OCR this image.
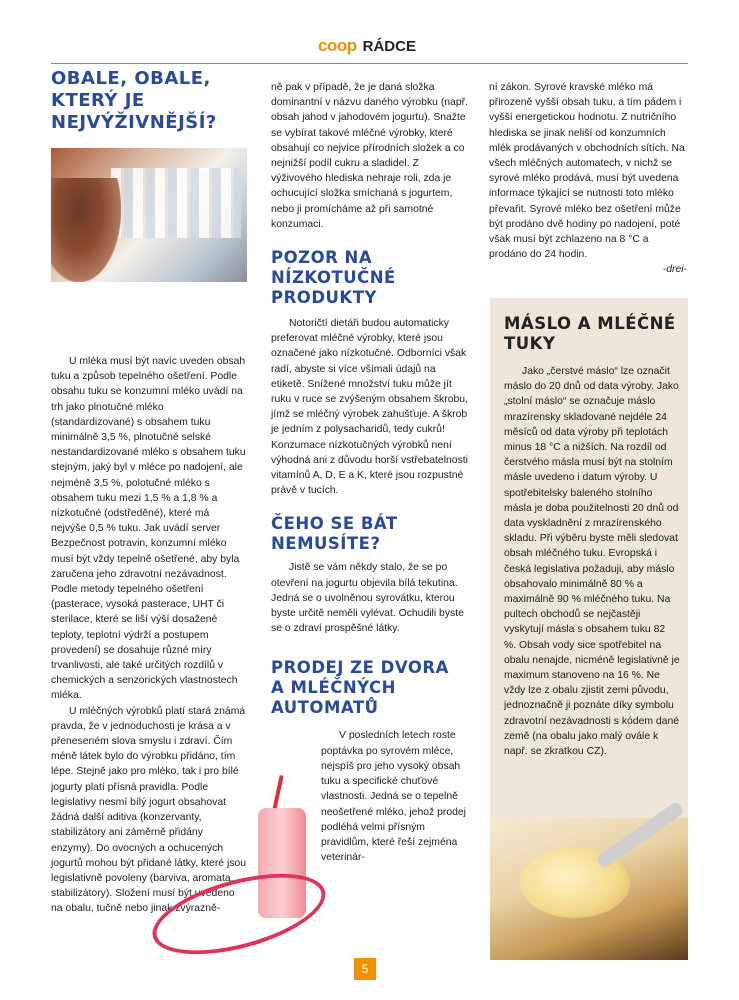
coop RÁDCE
OBALE, OBALE, KTERÝ JE NEJVÝŽIVNĚJŠÍ?

U mléka musí být navíc uveden obsah tuku a způsob tepelného ošetření. Podle obsahu tuku se konzumní mléko uvádí na trh jako plnotučné mléko (standardizované) s obsahem tuku minimálně 3,5 %, plnotučné selské nestandardizované mléko s obsahem tuku stejným, jaký byl v mléce po nadojení, ale nejméně 3,5 %, polotučné mléko s obsahem tuku mezi 1,5 % a 1,8 % a nízkotučné (odstředěné), které má nejvýše 0,5 % tuku. Jak uvádí server Bezpečnost potravin, konzumní mléko musí být vždy tepelně ošetřené, aby byla zaručena jeho zdravotní nezávadnost. Podle metody tepelného ošetření (pasterace, vysoká pasterace, UHT či sterilace, které se liší výší dosažené teploty, teplotní výdrží a postupem provedení) se dosahuje různé míry trvanlivosti, ale také určitých rozdílů v chemických a senzorických vlastnostech mléka.

U mléčných výrobků platí stará známá pravda, že v jednoduchosti je krása a v přeneseném slova smyslu i zdraví. Čím méně látek bylo do výrobku přidáno, tím lépe. Stejně jako pro mléko, tak i pro bílé jogurty platí přísná pravidla. Podle legislativy nesmí bílý jogurt obsahovat žádná další aditiva (konzervanty, stabilizátory ani záměrně přidány enzymy). Do ovocných a ochucených jogurtů mohou být přidané látky, které jsou legislativně povoleny (barviva, aromata, stabilizátory). Složení musí být uvedeno na obalu, tučně nebo jinak zvýrazně-

ně pak v případě, že je daná složka dominantní v názvu daného výrobku (např. obsah jahod v jahodovém jogurtu). Snažte se vybírat takové mléčné výrobky, které obsahují co nejvíce přírodních složek a co nejnižší podíl cukru a sladidel. Z výživového hlediska nehraje roli, zda je ochucující složka smíchaná s jogurtem, nebo ji promícháme až při samotné konzumaci.

POZOR NA NÍZKOTUČNÉ PRODUKTY

Notoričtí dietáři budou automaticky preferovat mléčné výrobky, které jsou označené jako nízkotučné. Odborníci však radí, abyste si více všímali údajů na etiketě. Snížené množství tuku může jít ruku v ruce se zvýšeným obsahem škrobu, jímž se mléčný výrobek zahušťuje. A škrob je jedním z polysacharidů, tedy cukrů! Konzumace nízkotučných výrobků není výhodná ani z důvodu horší vstřebatelnosti vitamínů A, D, E a K, které jsou rozpustné právě v tucích.

ČEHO SE BÁT NEMUSÍTE?

Jistě se vám někdy stalo, že se po otevření na jogurtu objevila bílá tekutina. Jedná se o uvolněnou syrovátku, kterou byste určitě neměli vylévat. Ochudili byste se o zdraví prospěšné látky.

PRODEJ ZE DVORA A MLÉČNÝCH AUTOMATŮ

V posledních letech roste poptávka po syrovém mléce, nejspíš pro jeho vysoký obsah tuku a specifické chuťové vlastnosti. Jedná se o tepelně neošetřené mléko, jehož prodej podléhá velmi přísným pravidlům, které řeší zejména veterinár-

ní zákon. Syrové kravské mléko má přirozeně vyšší obsah tuku, a tím pádem i vyšší energetickou hodnotu. Z nutričního hlediska se jinak neliší od konzumních mlék prodávaných v obchodních sítích. Na všech mléčných automatech, v nichž se syrové mléko prodává, musí být uvedena informace týkající se nutnosti toto mléko převařit. Syrové mléko bez ošetření může být prodáno dvě hodiny po nadojení, poté však musí být zchlazeno na 8 °C a prodáno do 24 hodin.

-drei-
MÁSLO A MLÉČNÉ TUKY

Jako „čerstvé máslo“ lze označit máslo do 20 dnů od data výroby. Jako „stolní máslo“ se označuje máslo mrazírensky skladované nejdéle 24 měsíců od data výroby při teplotách minus 18 °C a nižších. Na rozdíl od čerstvého másla musí být na stolním másle uvedeno i datum výroby. U spotřebitelsky baleného stolního másla je doba použitelnosti 20 dnů od data vyskladnění z mrazírenského skladu. Při výběru byste měli sledovat obsah mléčného tuku. Evropská i česká legislativa požaduji, aby máslo obsahovalo minimálně 80 % a maximálně 90 % mléčného tuku. Na pultech obchodů se nejčastěji vyskytují másla s obsahem tuku 82 %. Obsah vody sice spotřebitel na obalu nenajde, nicméně legislativně je maximum stanoveno na 16 %. Ne vždy lze z obalu zjistit zemi původu, jednoznačně ji poznáte díky symbolu zdravotní nezávadnosti s kódem dané země (na obalu jako malý ovále k např. se zkratkou CZ).

5
